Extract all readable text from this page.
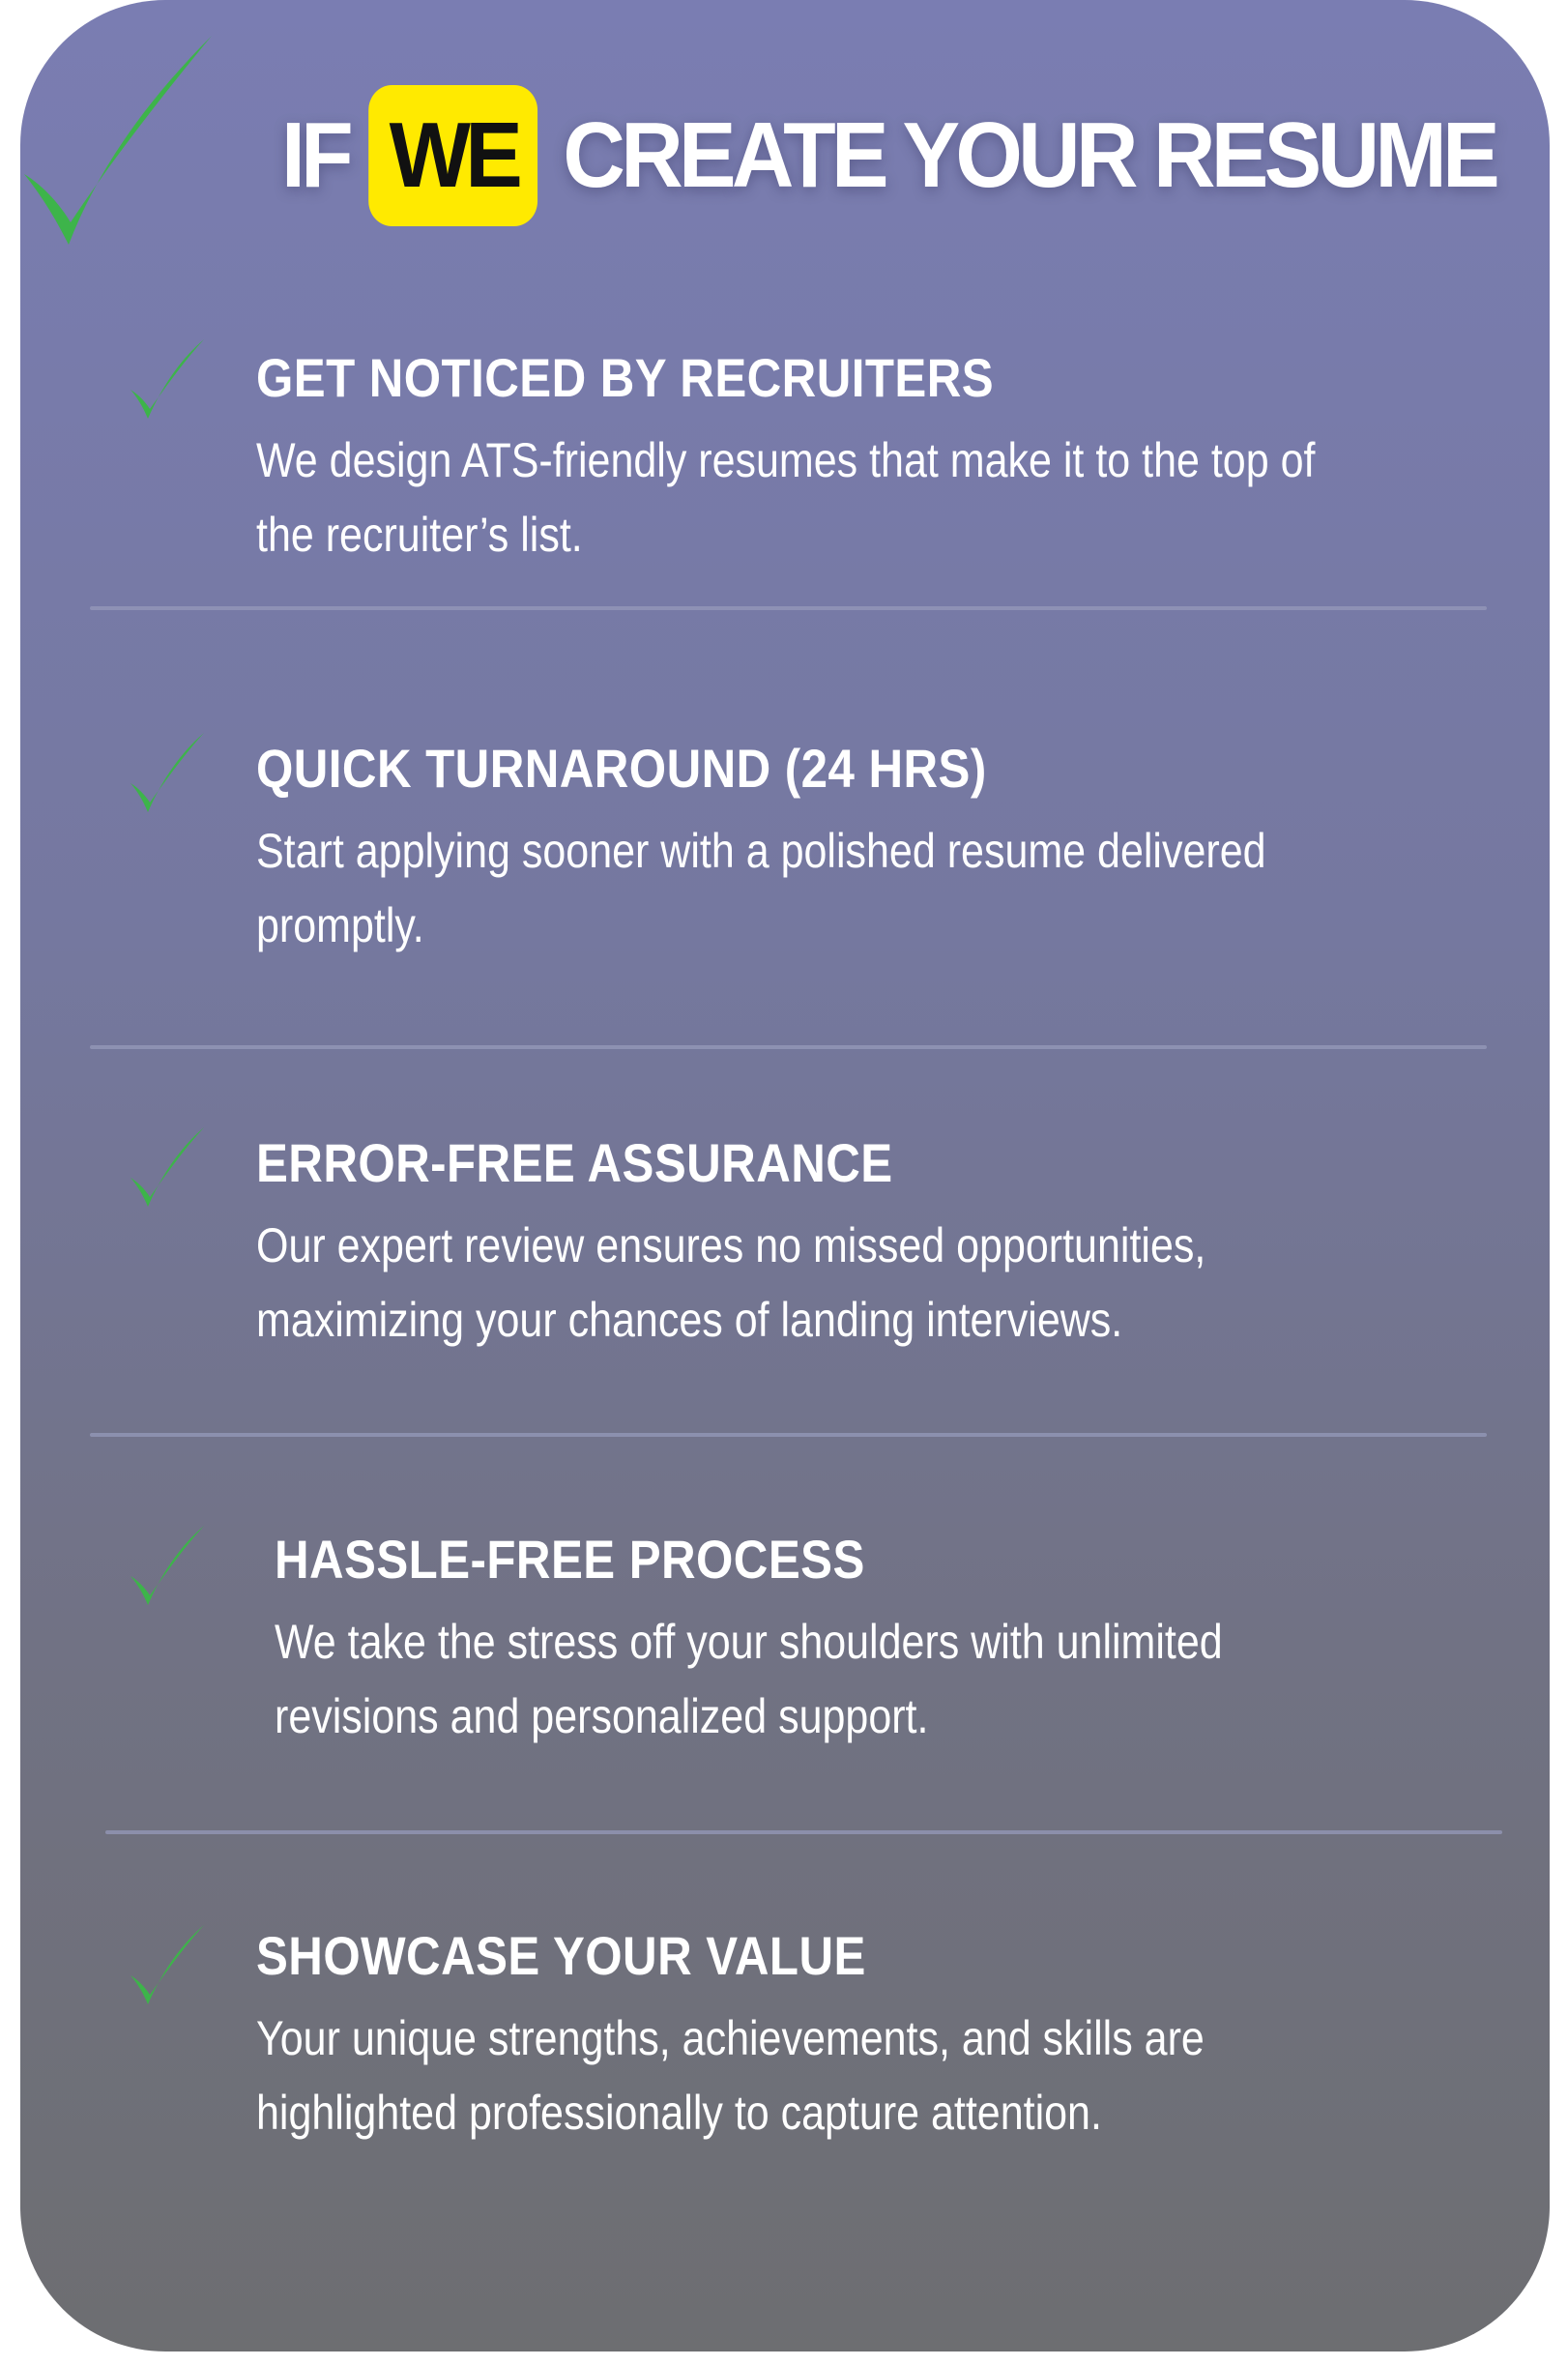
IF WE CREATE YOUR RESUME
GET NOTICED BY RECRUITERS
We design ATS-friendly resumes that make it to the top of
the recruiter’s list.
QUICK TURNAROUND (24 HRS)
Start applying sooner with a polished resume delivered
promptly.
ERROR-FREE ASSURANCE
Our expert review ensures no missed opportunities,
maximizing your chances of landing interviews.
HASSLE-FREE PROCESS
We take the stress off your shoulders with unlimited
revisions and personalized support.
SHOWCASE YOUR VALUE
Your unique strengths, achievements, and skills are
highlighted professionally to capture attention.
